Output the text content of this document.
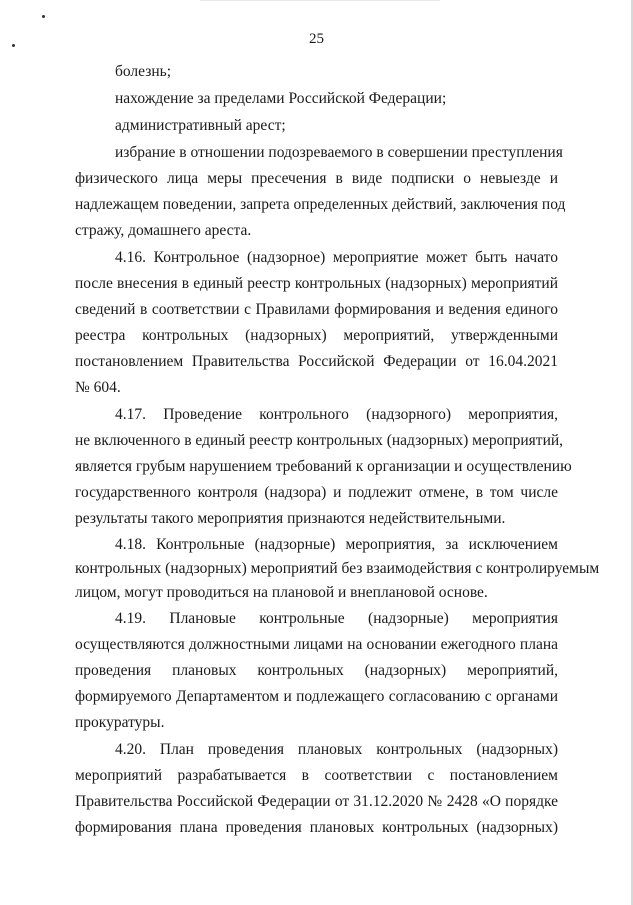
25
болезнь;
нахождение за пределами Российской Федерации;
административный арест;
избрание в отношении подозреваемого в совершении преступления
физического лица меры пресечения в виде подписки о невыезде и
надлежащем поведении, запрета определенных действий, заключения под
стражу, домашнего ареста.
4.16. Контрольное (надзорное) мероприятие может быть начато
после внесения в единый реестр контрольных (надзорных) мероприятий
сведений в соответствии с Правилами формирования и ведения единого
реестра контрольных (надзорных) мероприятий, утвержденными
постановлением Правительства Российской Федерации от 16.04.2021
№ 604.
4.17. Проведение контрольного (надзорного) мероприятия,
не включенного в единый реестр контрольных (надзорных) мероприятий,
является грубым нарушением требований к организации и осуществлению
государственного контроля (надзора) и подлежит отмене, в том числе
результаты такого мероприятия признаются недействительными.
4.18. Контрольные (надзорные) мероприятия, за исключением
контрольных (надзорных) мероприятий без взаимодействия с контролируемым
лицом, могут проводиться на плановой и внеплановой основе.
4.19. Плановые контрольные (надзорные) мероприятия
осуществляются должностными лицами на основании ежегодного плана
проведения плановых контрольных (надзорных) мероприятий,
формируемого Департаментом и подлежащего согласованию с органами
прокуратуры.
4.20. План проведения плановых контрольных (надзорных)
мероприятий разрабатывается в соответствии с постановлением
Правительства Российской Федерации от 31.12.2020 № 2428 «О порядке
формирования плана проведения плановых контрольных (надзорных)
